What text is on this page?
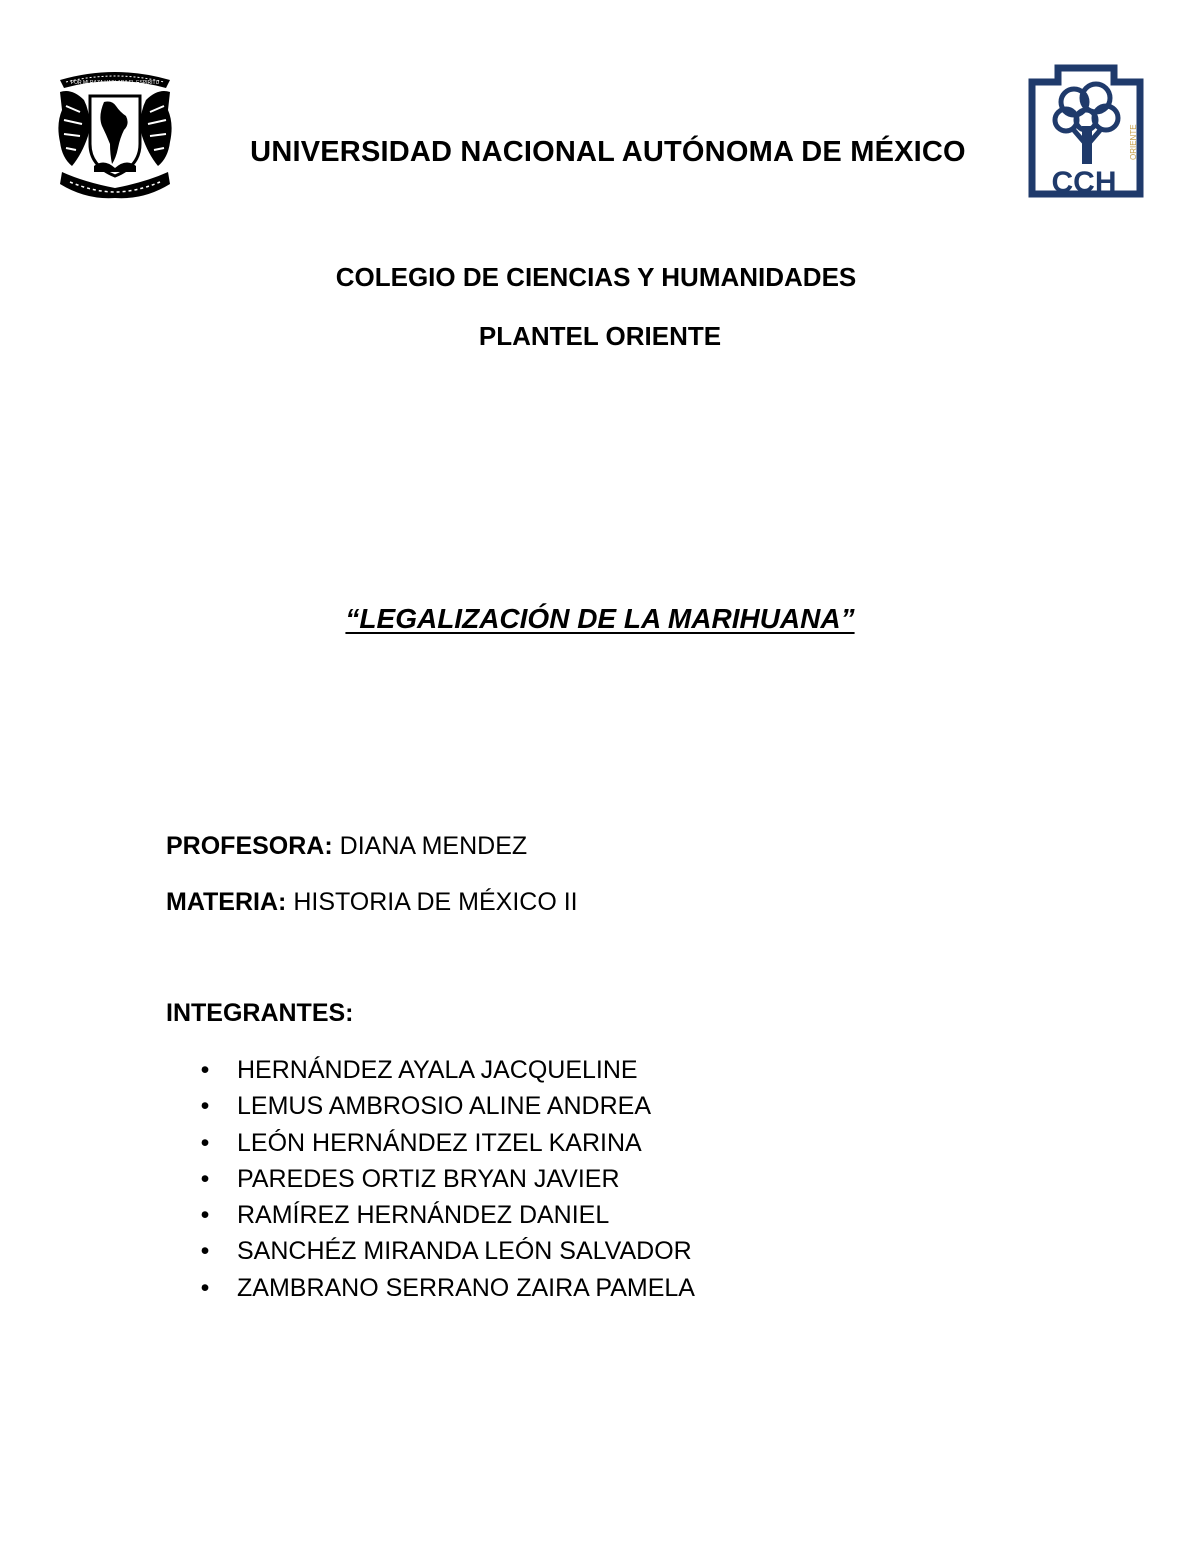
POR MI RAZA HABLARA EL ESPIRITU
UNIVERSIDAD NACIONAL AUTÓNOMA DE MÉXICO
CCH
ORIENTE
COLEGIO DE CIENCIAS Y HUMANIDADES
PLANTEL ORIENTE
“LEGALIZACIÓN DE LA MARIHUANA”
PROFESORA: DIANA MENDEZ
MATERIA: HISTORIA DE MÉXICO II
INTEGRANTES:
• HERNÁNDEZ AYALA JACQUELINE
• LEMUS AMBROSIO ALINE ANDREA
• LEÓN HERNÁNDEZ ITZEL KARINA
• PAREDES ORTIZ BRYAN JAVIER
• RAMÍREZ HERNÁNDEZ DANIEL
• SANCHÉZ MIRANDA LEÓN SALVADOR
• ZAMBRANO SERRANO ZAIRA PAMELA
